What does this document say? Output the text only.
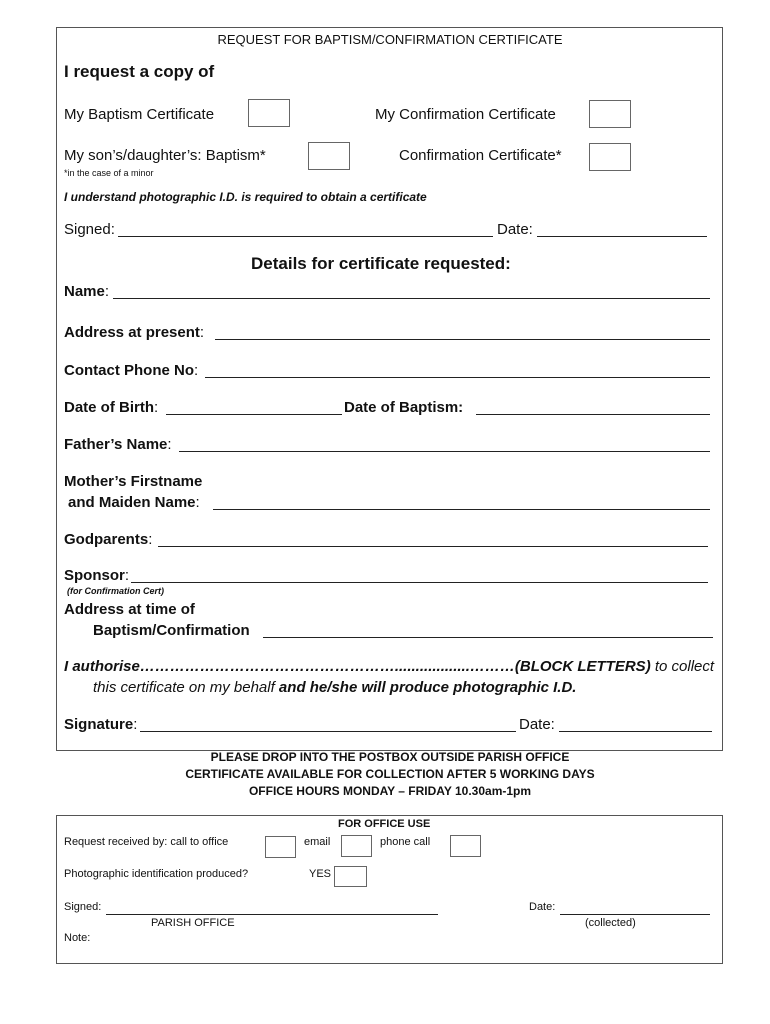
REQUEST FOR BAPTISM/CONFIRMATION CERTIFICATE
I request a copy of
My Baptism Certificate	My Confirmation Certificate
My son’s/daughter’s: Baptism*	Confirmation Certificate*
*in the case of a minor
I understand photographic I.D. is required to obtain a certificate
Signed:	Date:
Details for certificate requested:
Name:
Address at present:
Contact Phone No:
Date of Birth:	Date of Baptism:
Father’s Name:
Mother’s Firstname
and Maiden Name:
Godparents:
Sponsor:
(for Confirmation Cert)
Address at time of
Baptism/Confirmation
I authorise……………………………………………..................………(BLOCK LETTERS) to collect
this certificate on my behalf and he/she will produce photographic I.D.
Signature:	Date:
PLEASE DROP INTO THE POSTBOX OUTSIDE PARISH OFFICE
CERTIFICATE AVAILABLE FOR COLLECTION AFTER 5 WORKING DAYS
OFFICE HOURS MONDAY – FRIDAY 10.30am-1pm
FOR OFFICE USE
Request received by: call to office	email	phone call
Photographic identification produced?	YES
Signed:
PARISH OFFICE
Date:
(collected)
Note:
